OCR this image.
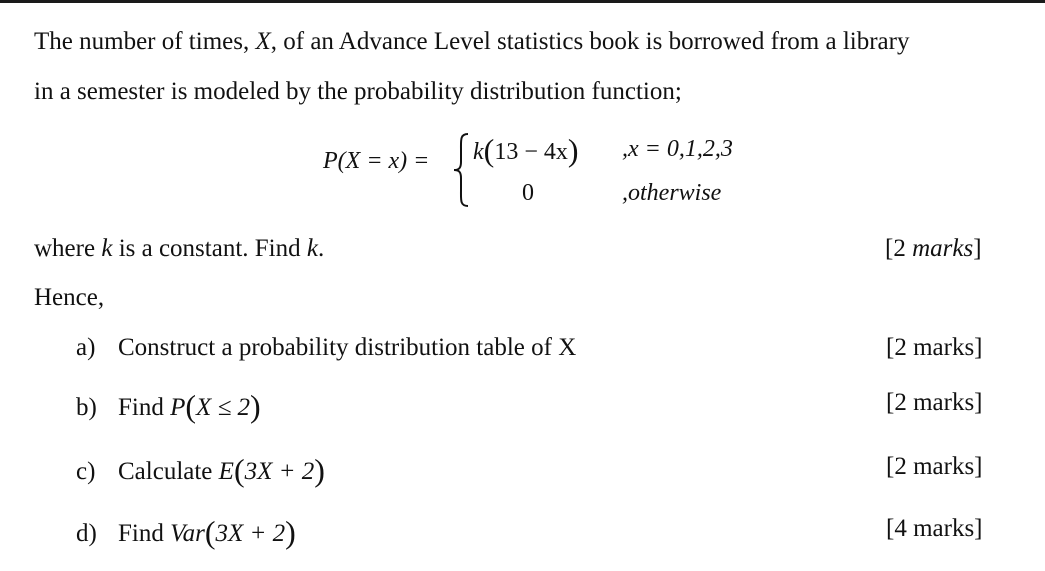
The number of times, X, of an Advance Level statistics book is borrowed from a library
in a semester is modeled by the probability distribution function;
P(X = x) = k(13 − 4x) ,x = 0,1,2,3
0	,otherwise
where k is a constant. Find k.	[2 marks]
Hence,
a) Construct a probability distribution table of X	[2 marks]
b) Find P(X ≤ 2)	[2 marks]
c) Calculate E(3X + 2)	[2 marks]
d) Find Var(3X + 2)	[4 marks]
